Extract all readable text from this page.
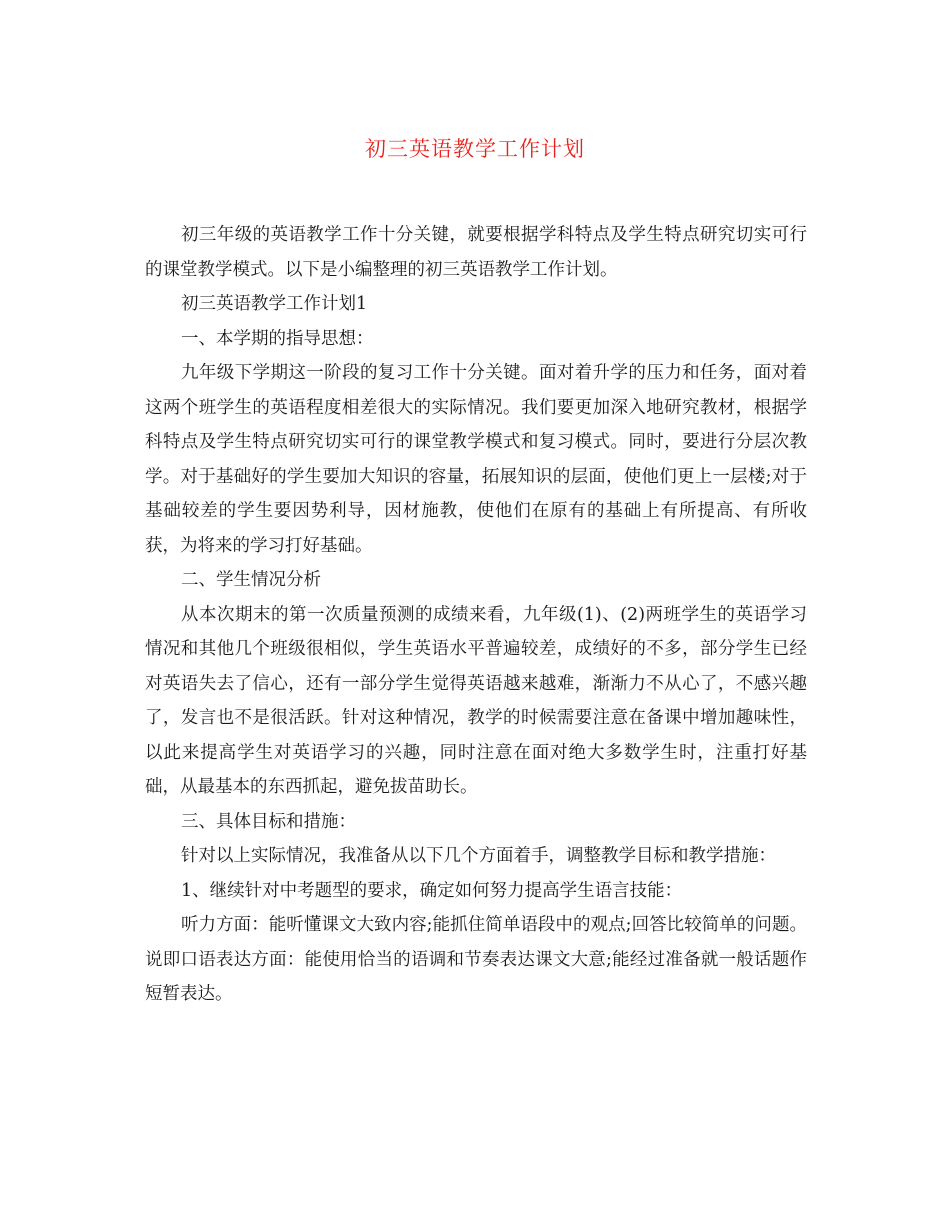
初三英语教学工作计划

初三年级的英语教学工作十分关键，就要根据学科特点及学生特点研究切实可行的课堂教学模式。以下是小编整理的初三英语教学工作计划。

初三英语教学工作计划1

一、本学期的指导思想：

九年级下学期这一阶段的复习工作十分关键。面对着升学的压力和任务，面对着这两个班学生的英语程度相差很大的实际情况。我们要更加深入地研究教材，根据学科特点及学生特点研究切实可行的课堂教学模式和复习模式。同时，要进行分层次教学。对于基础好的学生要加大知识的容量，拓展知识的层面，使他们更上一层楼;对于基础较差的学生要因势利导，因材施教，使他们在原有的基础上有所提高、有所收获，为将来的学习打好基础。

二、学生情况分析

从本次期末的第一次质量预测的成绩来看，九年级(1)、(2)两班学生的英语学习情况和其他几个班级很相似，学生英语水平普遍较差，成绩好的不多，部分学生已经对英语失去了信心，还有一部分学生觉得英语越来越难，渐渐力不从心了，不感兴趣了，发言也不是很活跃。针对这种情况，教学的时候需要注意在备课中增加趣味性，以此来提高学生对英语学习的兴趣，同时注意在面对绝大多数学生时，注重打好基础，从最基本的东西抓起，避免拔苗助长。

三、具体目标和措施：

针对以上实际情况，我准备从以下几个方面着手，调整教学目标和教学措施：

1、继续针对中考题型的要求，确定如何努力提高学生语言技能：

听力方面：能听懂课文大致内容;能抓住简单语段中的观点;回答比较简单的问题。说即口语表达方面：能使用恰当的语调和节奏表达课文大意;能经过准备就一般话题作短暂表达。
